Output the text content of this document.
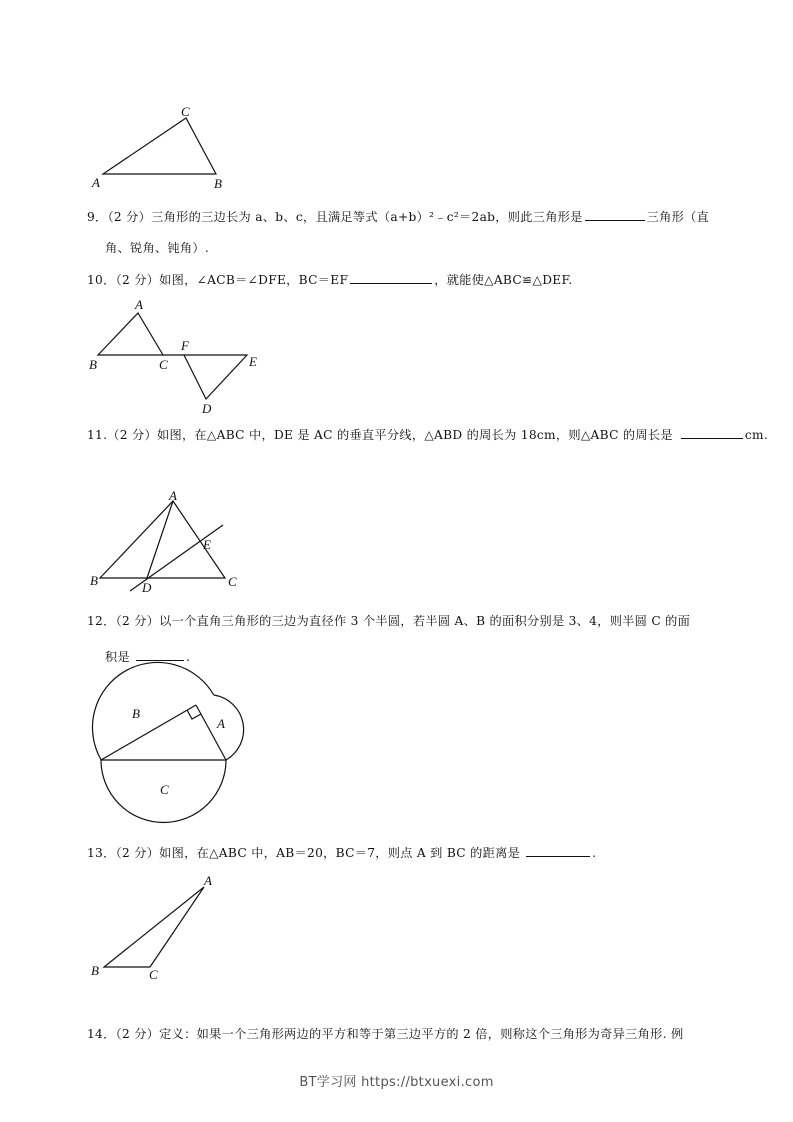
A	B
C
9．（2 分）三角形的三边长为 a、b、c，且满足等式（a+b）²﹣c²＝2ab，则此三角形是	三角形（直
角、锐角、钝角）.
10．（2 分）如图，∠ACB＝∠DFE，BC＝EF	，就能使△ABC≌△DEF.
A
B	C
F
E
D
11.（2 分）如图，在△ABC 中，DE 是 AC 的垂直平分线，△ABD 的周长为 18cm，则△ABC 的周长是	cm.
A
B	C
D
E
12．（2 分）以一个直角三角形的三边为直径作 3 个半圆，若半圆 A、B 的面积分别是 3、4，则半圆 C 的面
积是	.
B
A
C
13．（2 分）如图，在△ABC 中，AB＝20，BC＝7，则点 A 到 BC 的距离是	.
A
B	C
14．（2 分）定义：如果一个三角形两边的平方和等于第三边平方的 2 倍，则称这个三角形为奇异三角形. 例
BT学习网 https://btxuexi.com
